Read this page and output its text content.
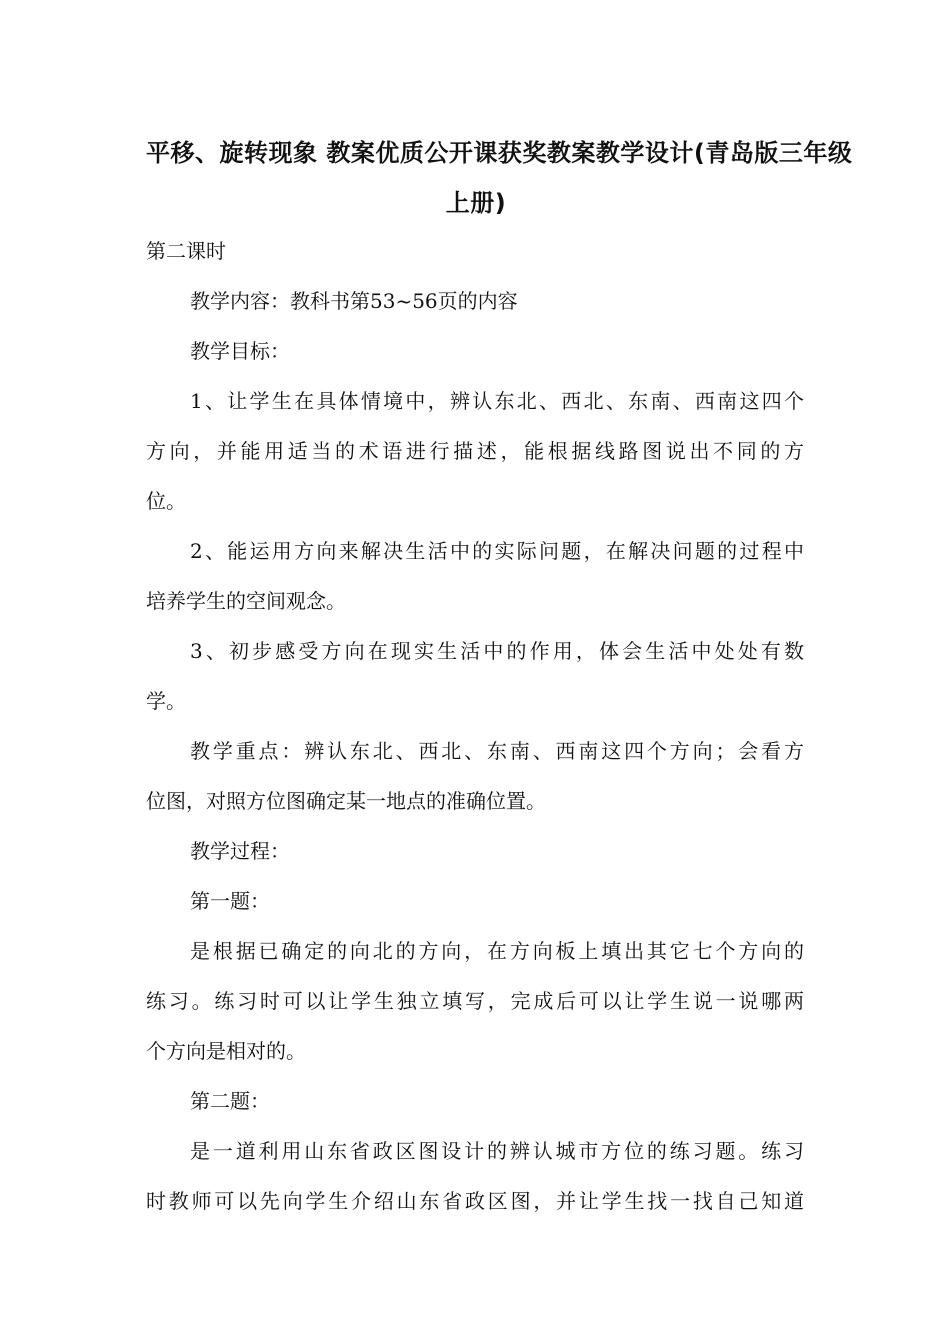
平移、旋转现象 教案优质公开课获奖教案教学设计(青岛版三年级
上册)

第二课时

教学内容：教科书第53~56页的内容

教学目标：

1、让学生在具体情境中，辨认东北、西北、东南、西南这四个

方向，并能用适当的术语进行描述，能根据线路图说出不同的方

位。

2、能运用方向来解决生活中的实际问题，在解决问题的过程中

培养学生的空间观念。

3、初步感受方向在现实生活中的作用，体会生活中处处有数

学。

教学重点：辨认东北、西北、东南、西南这四个方向；会看方

位图，对照方位图确定某一地点的准确位置。

教学过程：

第一题：

是根据已确定的向北的方向，在方向板上填出其它七个方向的

练习。练习时可以让学生独立填写，完成后可以让学生说一说哪两

个方向是相对的。

第二题：

是一道利用山东省政区图设计的辨认城市方位的练习题。练习

时教师可以先向学生介绍山东省政区图，并让学生找一找自己知道
